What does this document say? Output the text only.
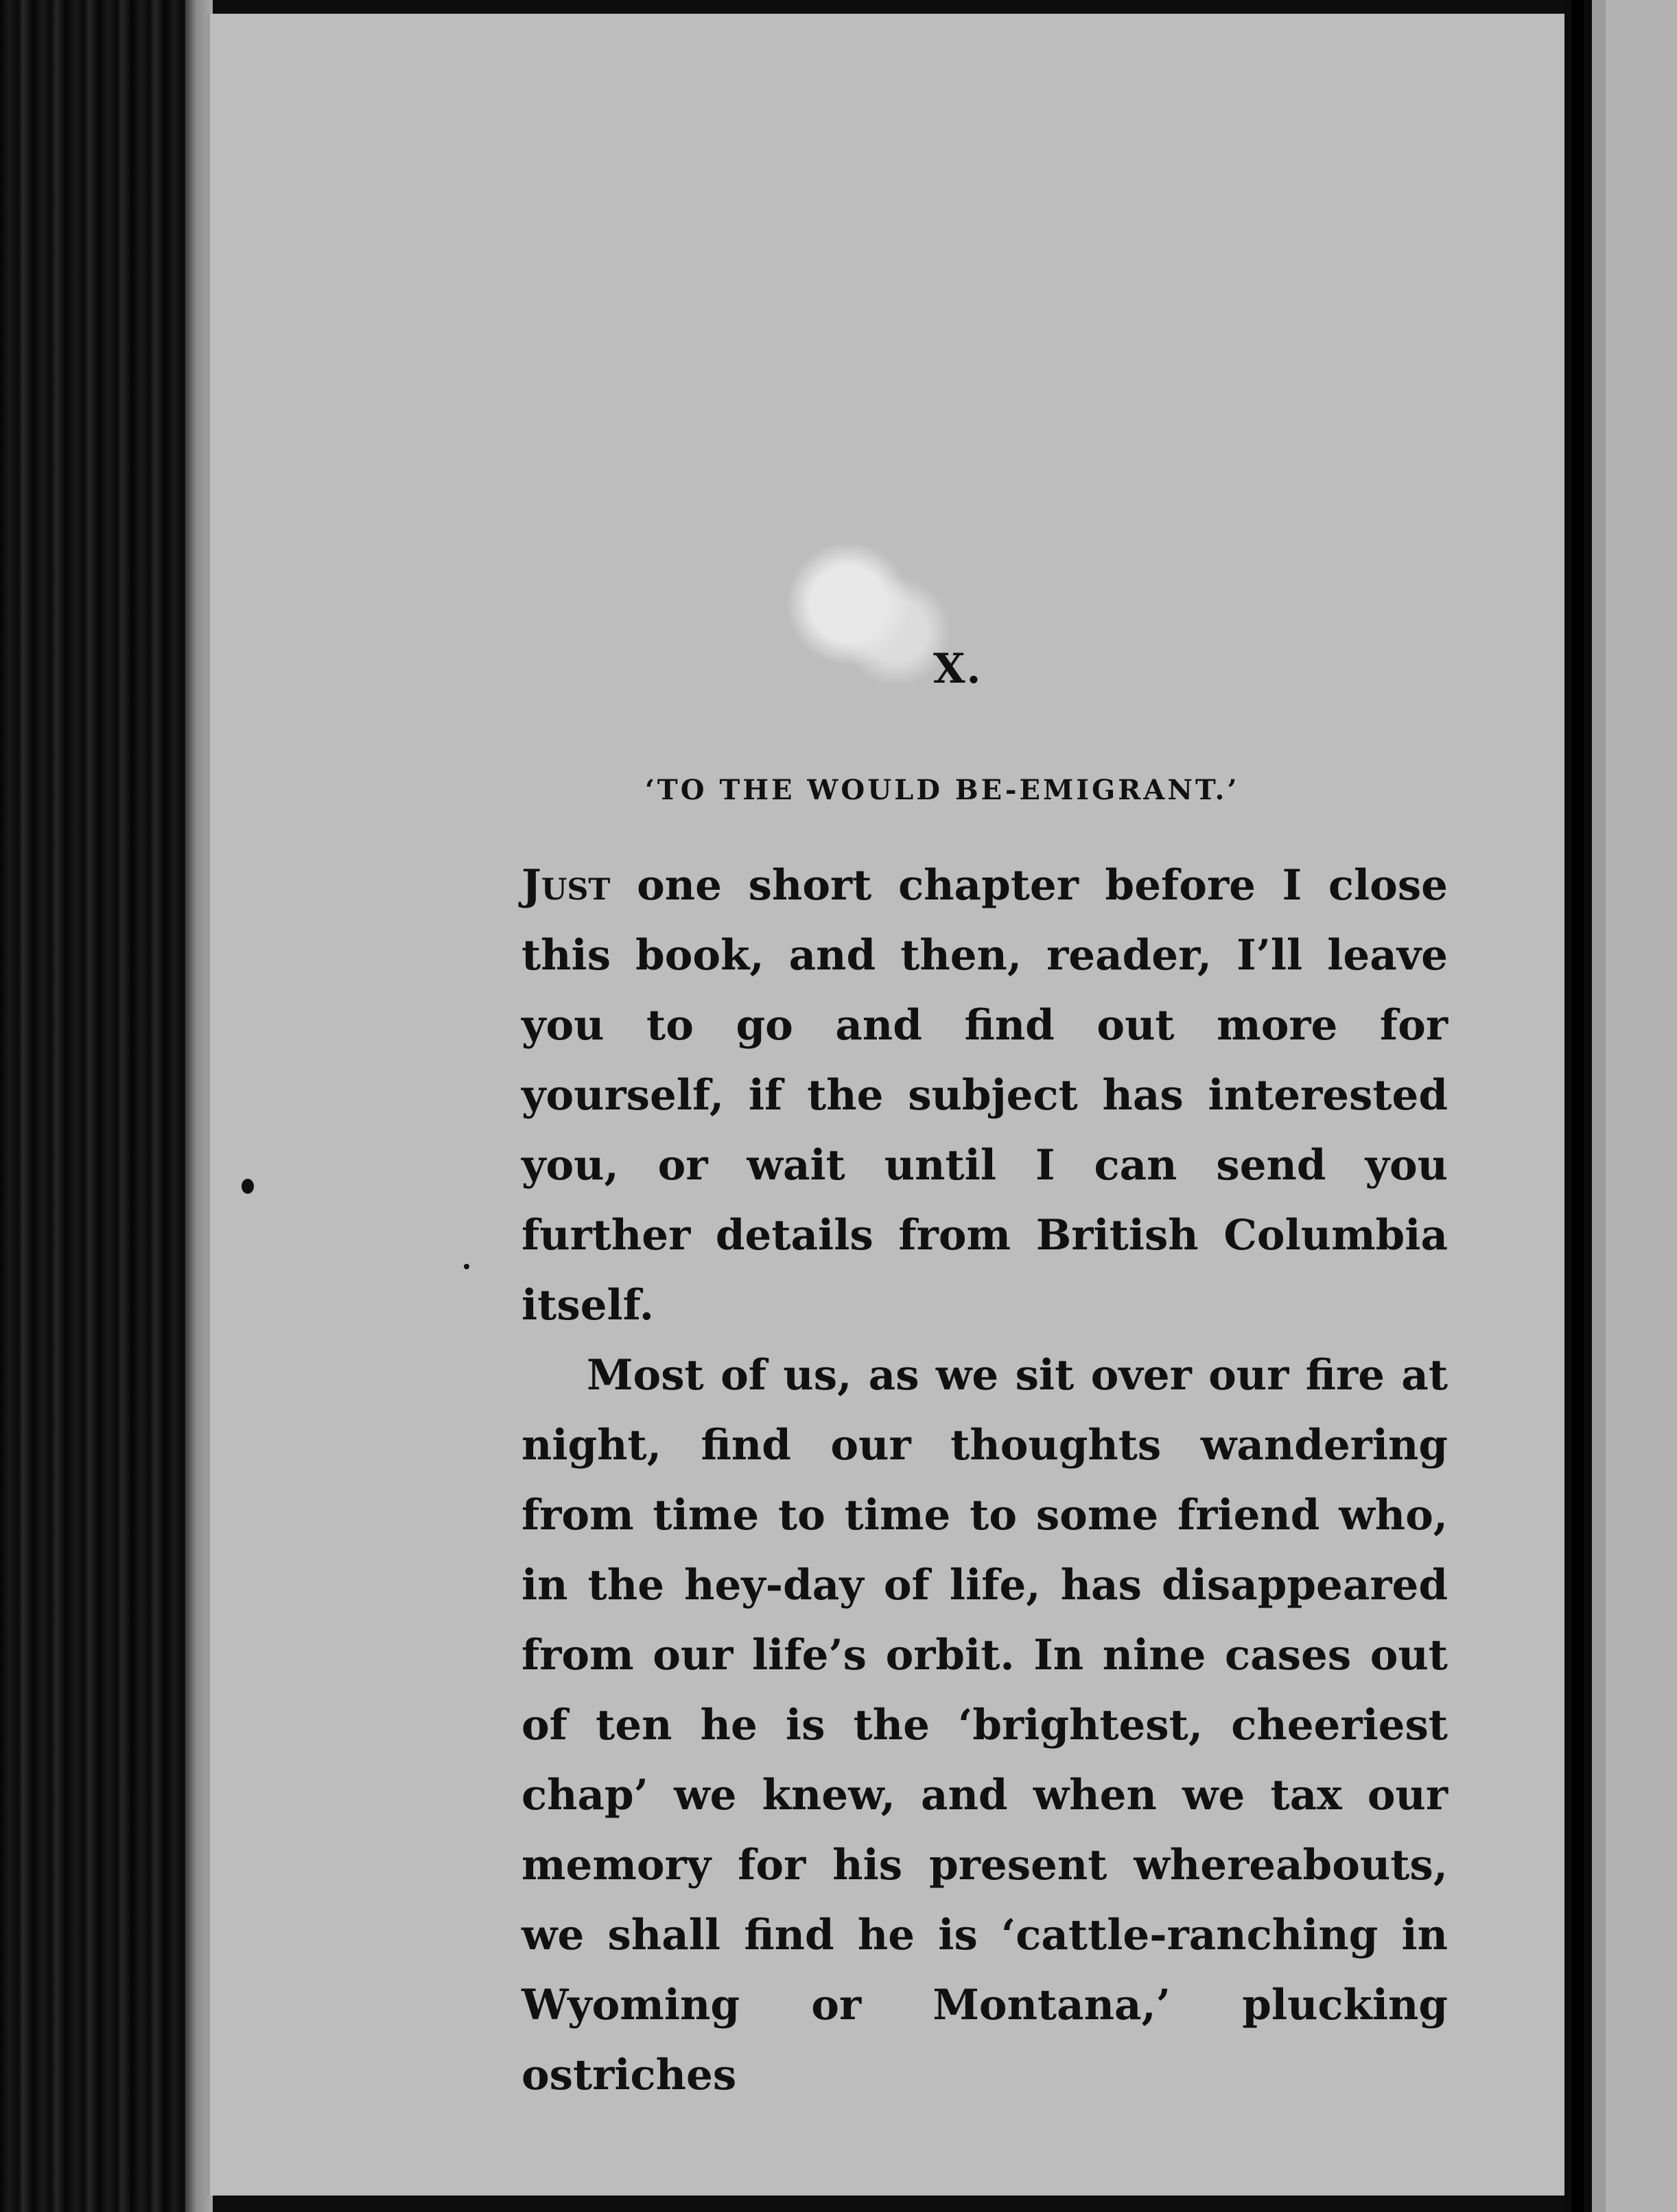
X.
‘TO THE WOULD BE-EMIGRANT.’

Just one short chapter before I close this book, and then, reader, I’ll leave you to go and find out more for yourself, if the subject has interested you, or wait until I can send you further details from British Columbia itself.

Most of us, as we sit over our fire at night, find our thoughts wandering from time to time to some friend who, in the hey-day of life, has disappeared from our life’s orbit. In nine cases out of ten he is the ‘brightest, cheeriest chap’ we knew, and when we tax our memory for his present whereabouts, we shall find he is ‘cattle-ranching in Wyoming or Montana,’ plucking ostriches
